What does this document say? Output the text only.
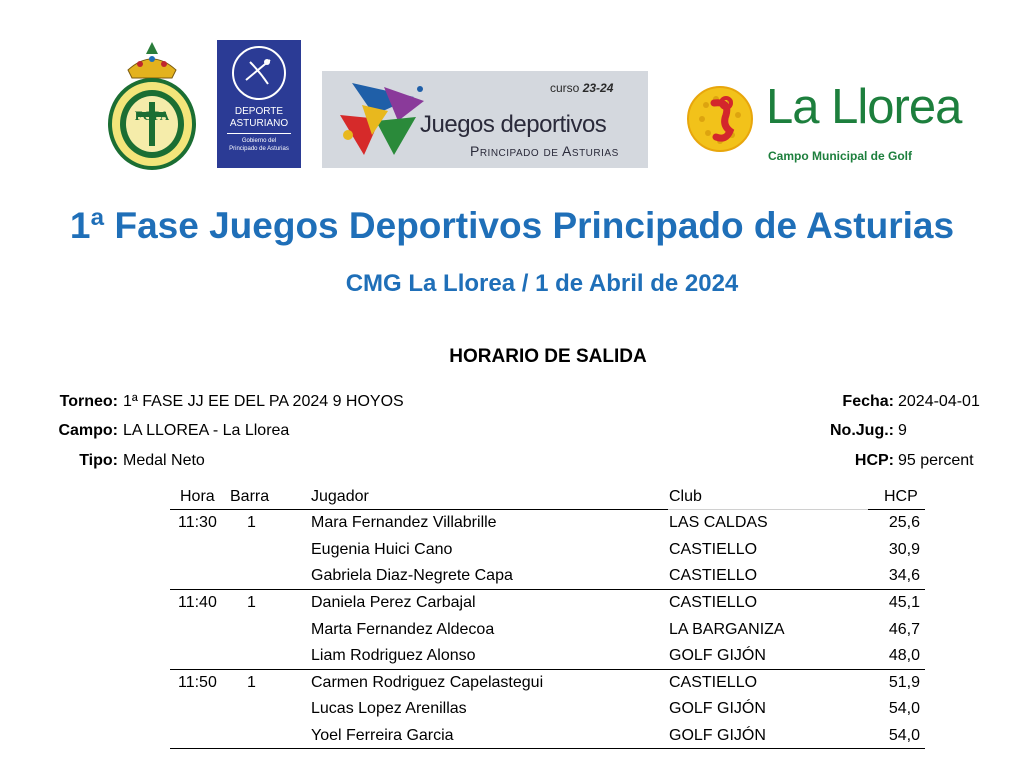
FGPA	DEPORTE
ASTURIANO
Gobierno del
Principado de Asturias
curso 23-24
Juegos deportivos
Principado de Asturias
La Llorea
Campo Municipal de Golf
1ª Fase Juegos Deportivos Principado de Asturias
CMG La Llorea / 1 de Abril de 2024
HORARIO DE SALIDA
Torneo: 1ª FASE JJ EE DEL PA 2024 9 HOYOS
Campo: LA LLOREA - La Llorea
Tipo: Medal Neto
Fecha: 2024-04-01
No.Jug.: 9
HCP: 95 percent
Hora Barra	Jugador	Club	HCP
11:30 1	Mara Fernandez Villabrille	LAS CALDAS	25,6
Eugenia Huici Cano	CASTIELLO	30,9
Gabriela Diaz-Negrete Capa	CASTIELLO	34,6
11:40 1	Daniela Perez Carbajal	CASTIELLO	45,1
Marta Fernandez Aldecoa	LA BARGANIZA	46,7
Liam Rodriguez Alonso	GOLF GIJÓN	48,0
11:50 1	Carmen Rodriguez Capelastegui	CASTIELLO	51,9
Lucas Lopez Arenillas	GOLF GIJÓN	54,0
Yoel Ferreira Garcia	GOLF GIJÓN	54,0
